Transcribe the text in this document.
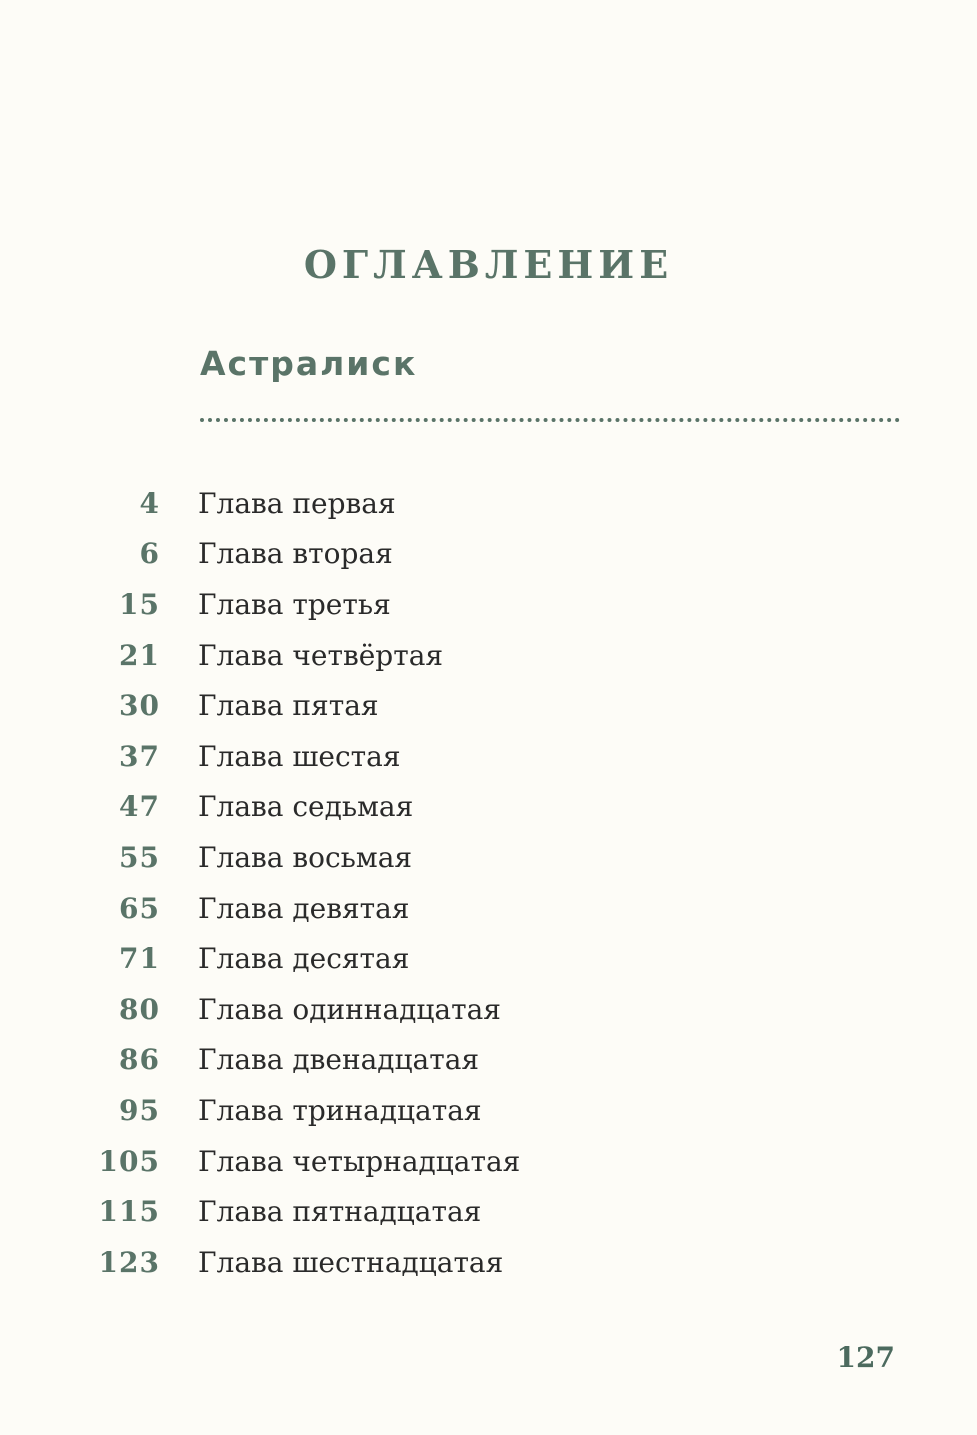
ОГЛАВЛЕНИЕ
Астралиск
4 Глава первая
6 Глава вторая
15 Глава третья
21 Глава четвёртая
30 Глава пятая
37 Глава шестая
47 Глава седьмая
55 Глава восьмая
65 Глава девятая
71 Глава десятая
80 Глава одиннадцатая
86 Глава двенадцатая
95 Глава тринадцатая
105 Глава четырнадцатая
115 Глава пятнадцатая
123 Глава шестнадцатая
127
